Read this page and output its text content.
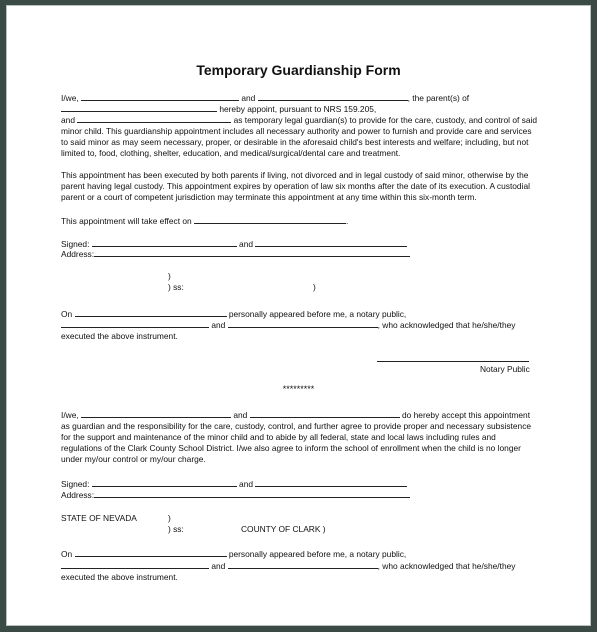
Temporary Guardianship Form
I/we,	and	, the parent(s) of
hereby appoint, pursuant to NRS 159.205,
and	as temporary legal guardian(s) to provide for the care, custody, and control of said
minor child. This guardianship appointment includes all necessary authority and power to furnish and provide care and services
to said minor as may seem necessary, proper, or desirable in the aforesaid child's best interests and welfare; including, but not
limited to, food, clothing, shelter, education, and medical/surgical/dental care and treatment.
This appointment has been executed by both parents if living, not divorced and in legal custody of said minor, otherwise by the
parent having legal custody. This appointment expires by operation of law six months after the date of its execution. A custodial
parent or a court of competent jurisdiction may terminate this appointment at any time within this six-month term.
This appointment will take effect on	.
Signed:	and
Address:
)
) ss:	)
On	personally appeared before me, a notary public,
and	, who acknowledged that he/she/they
executed the above instrument.
Notary Public
*********
I/we,	and	do hereby accept this appointment
as guardian and the responsibility for the care, custody, control, and further agree to provide proper and necessary subsistence
for the support and maintenance of the minor child and to abide by all federal, state and local laws including rules and
regulations of the Clark County School District. I/we also agree to inform the school of enrollment when the child is no longer
under my/our control or my/our charge.
Signed:	and
Address:
STATE OF NEVADA	)
) ss:	COUNTY OF CLARK )
On	personally appeared before me, a notary public,
and	, who acknowledged that he/she/they
executed the above instrument.
